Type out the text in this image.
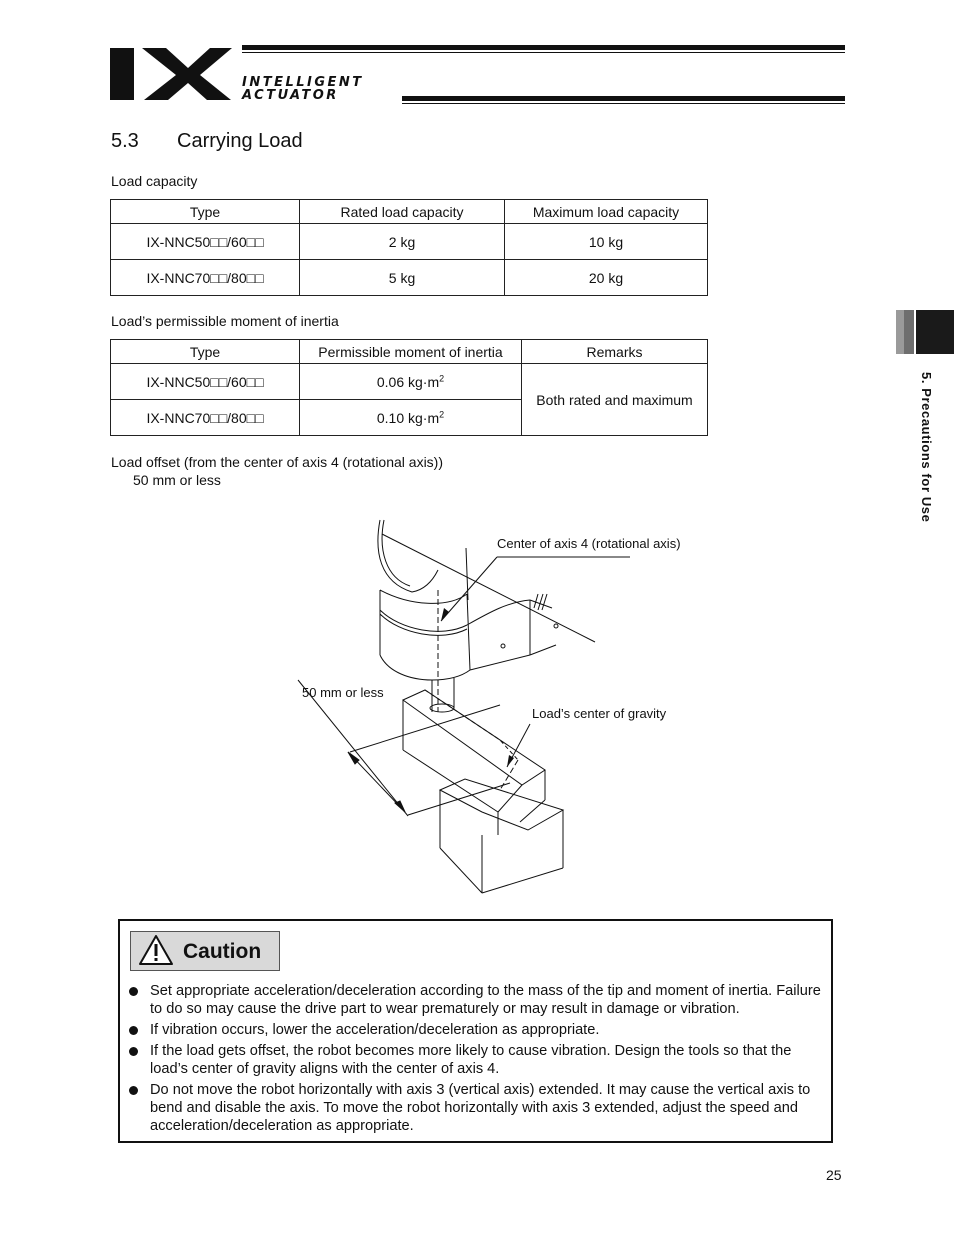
INTELLIGENT
ACTUATOR
5. Precautions for Use
5.3 Carrying Load
Load capacity
Type	Rated load capacity	Maximum load capacity
IX-NNC50□□/60□□	2 kg	10 kg
IX-NNC70□□/80□□	5 kg	20 kg
Load’s permissible moment of inertia
Type	Permissible moment of inertia	Remarks
IX-NNC50□□/60□□	0.06 $kg\cdot m^2$	Both rated and maximum
IX-NNC70□□/80□□	0.10 $kg\cdot m^2$
Load offset (from the center of axis 4 (rotational axis))
50 mm or less
Center of axis 4 (rotational axis)
50 mm or less
Load’s center of gravity
Caution
Set appropriate acceleration/deceleration according to the mass of the tip and moment of inertia. Failure to do so may cause the drive part to wear prematurely or may result in damage or vibration.
If vibration occurs, lower the acceleration/deceleration as appropriate.
If the load gets offset, the robot becomes more likely to cause vibration. Design the tools so that the load’s center of gravity aligns with the center of axis 4.
Do not move the robot horizontally with axis 3 (vertical axis) extended. It may cause the vertical axis to bend and disable the axis. To move the robot horizontally with axis 3 extended, adjust the speed and acceleration/deceleration as appropriate.
25
